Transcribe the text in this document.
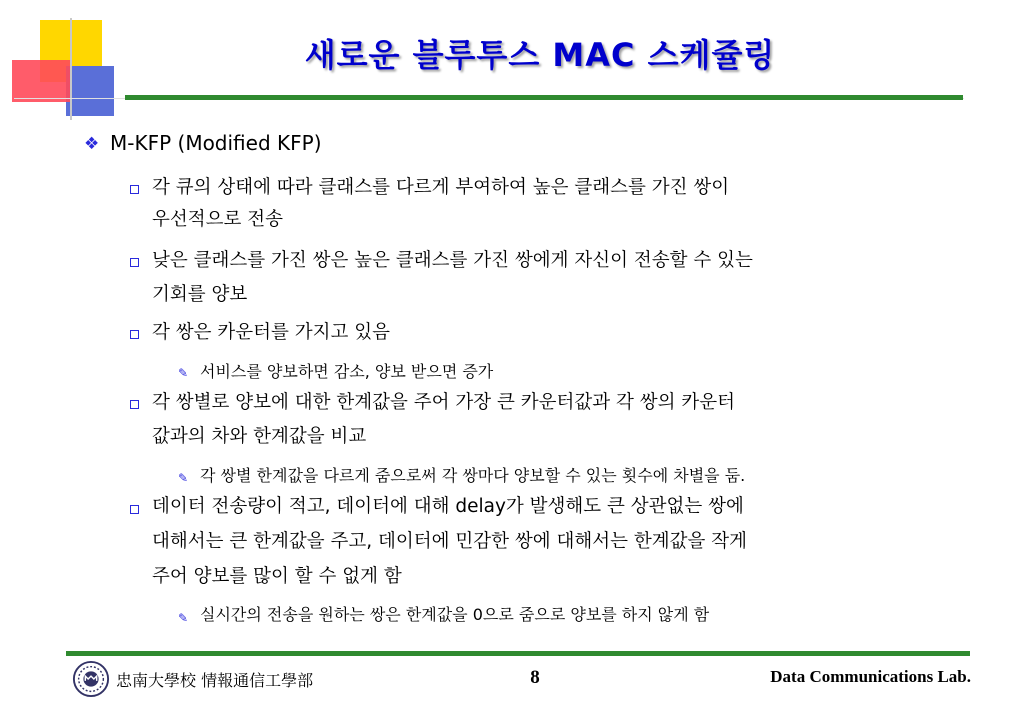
새로운 블루투스 MAC 스케쥴링
❖ M-KFP (Modified KFP)
각 큐의 상태에 따라 클래스를 다르게 부여하여 높은 클래스를 가진 쌍이
우선적으로 전송
낮은 클래스를 가진 쌍은 높은 클래스를 가진 쌍에게 자신이 전송할 수 있는
기회를 양보
각 쌍은 카운터를 가지고 있음
✎ 서비스를 양보하면 감소, 양보 받으면 증가
각 쌍별로 양보에 대한 한계값을 주어 가장 큰 카운터값과 각 쌍의 카운터
값과의 차와 한계값을 비교
✎ 각 쌍별 한계값을 다르게 줌으로써 각 쌍마다 양보할 수 있는 횟수에 차별을 둠.
데이터 전송량이 적고, 데이터에 대해 delay가 발생해도 큰 상관없는 쌍에
대해서는 큰 한계값을 주고, 데이터에 민감한 쌍에 대해서는 한계값을 작게
주어 양보를 많이 할 수 없게 함
✎ 실시간의 전송을 원하는 쌍은 한계값을 0으로 줌으로 양보를 하지 않게 함
忠南大學校 情報通信工學部	8	Data Communications Lab.
